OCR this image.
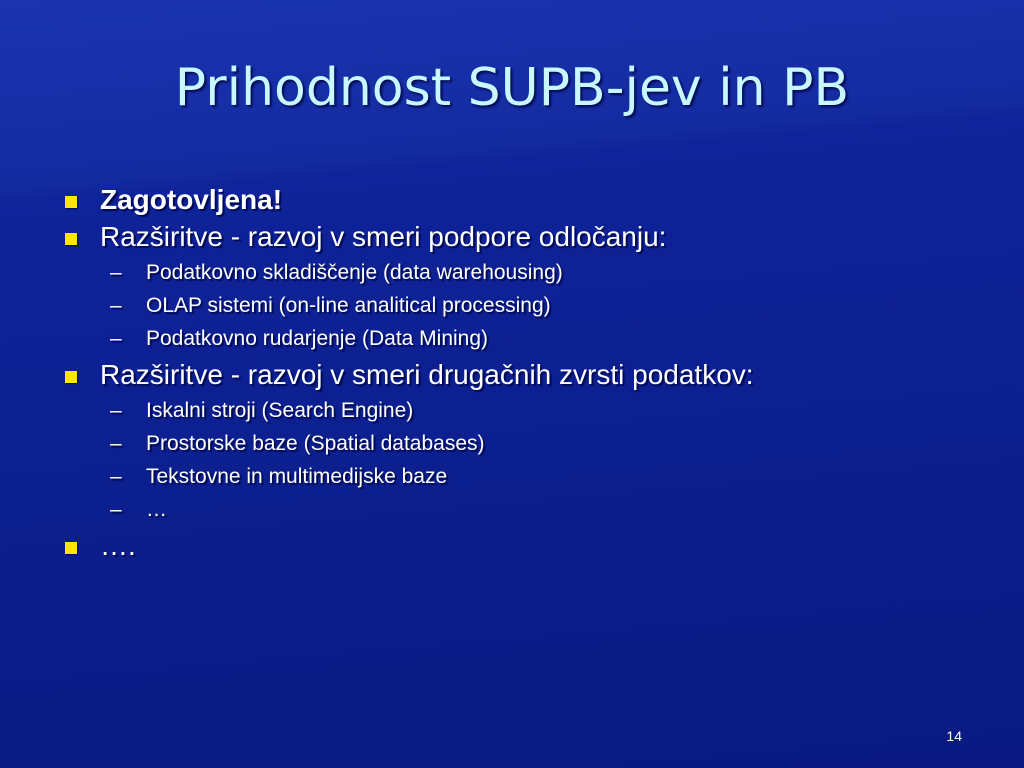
Prihodnost SUPB-jev in PB
Zagotovljena!
Razširitve - razvoj v smeri podpore odločanju:
– Podatkovno skladiščenje (data warehousing)
– OLAP sistemi (on-line analitical processing)
– Podatkovno rudarjenje (Data Mining)
Razširitve - razvoj v smeri drugačnih zvrsti podatkov:
– Iskalni stroji (Search Engine)
– Prostorske baze (Spatial databases)
– Tekstovne in multimedijske baze
– …
….
14
